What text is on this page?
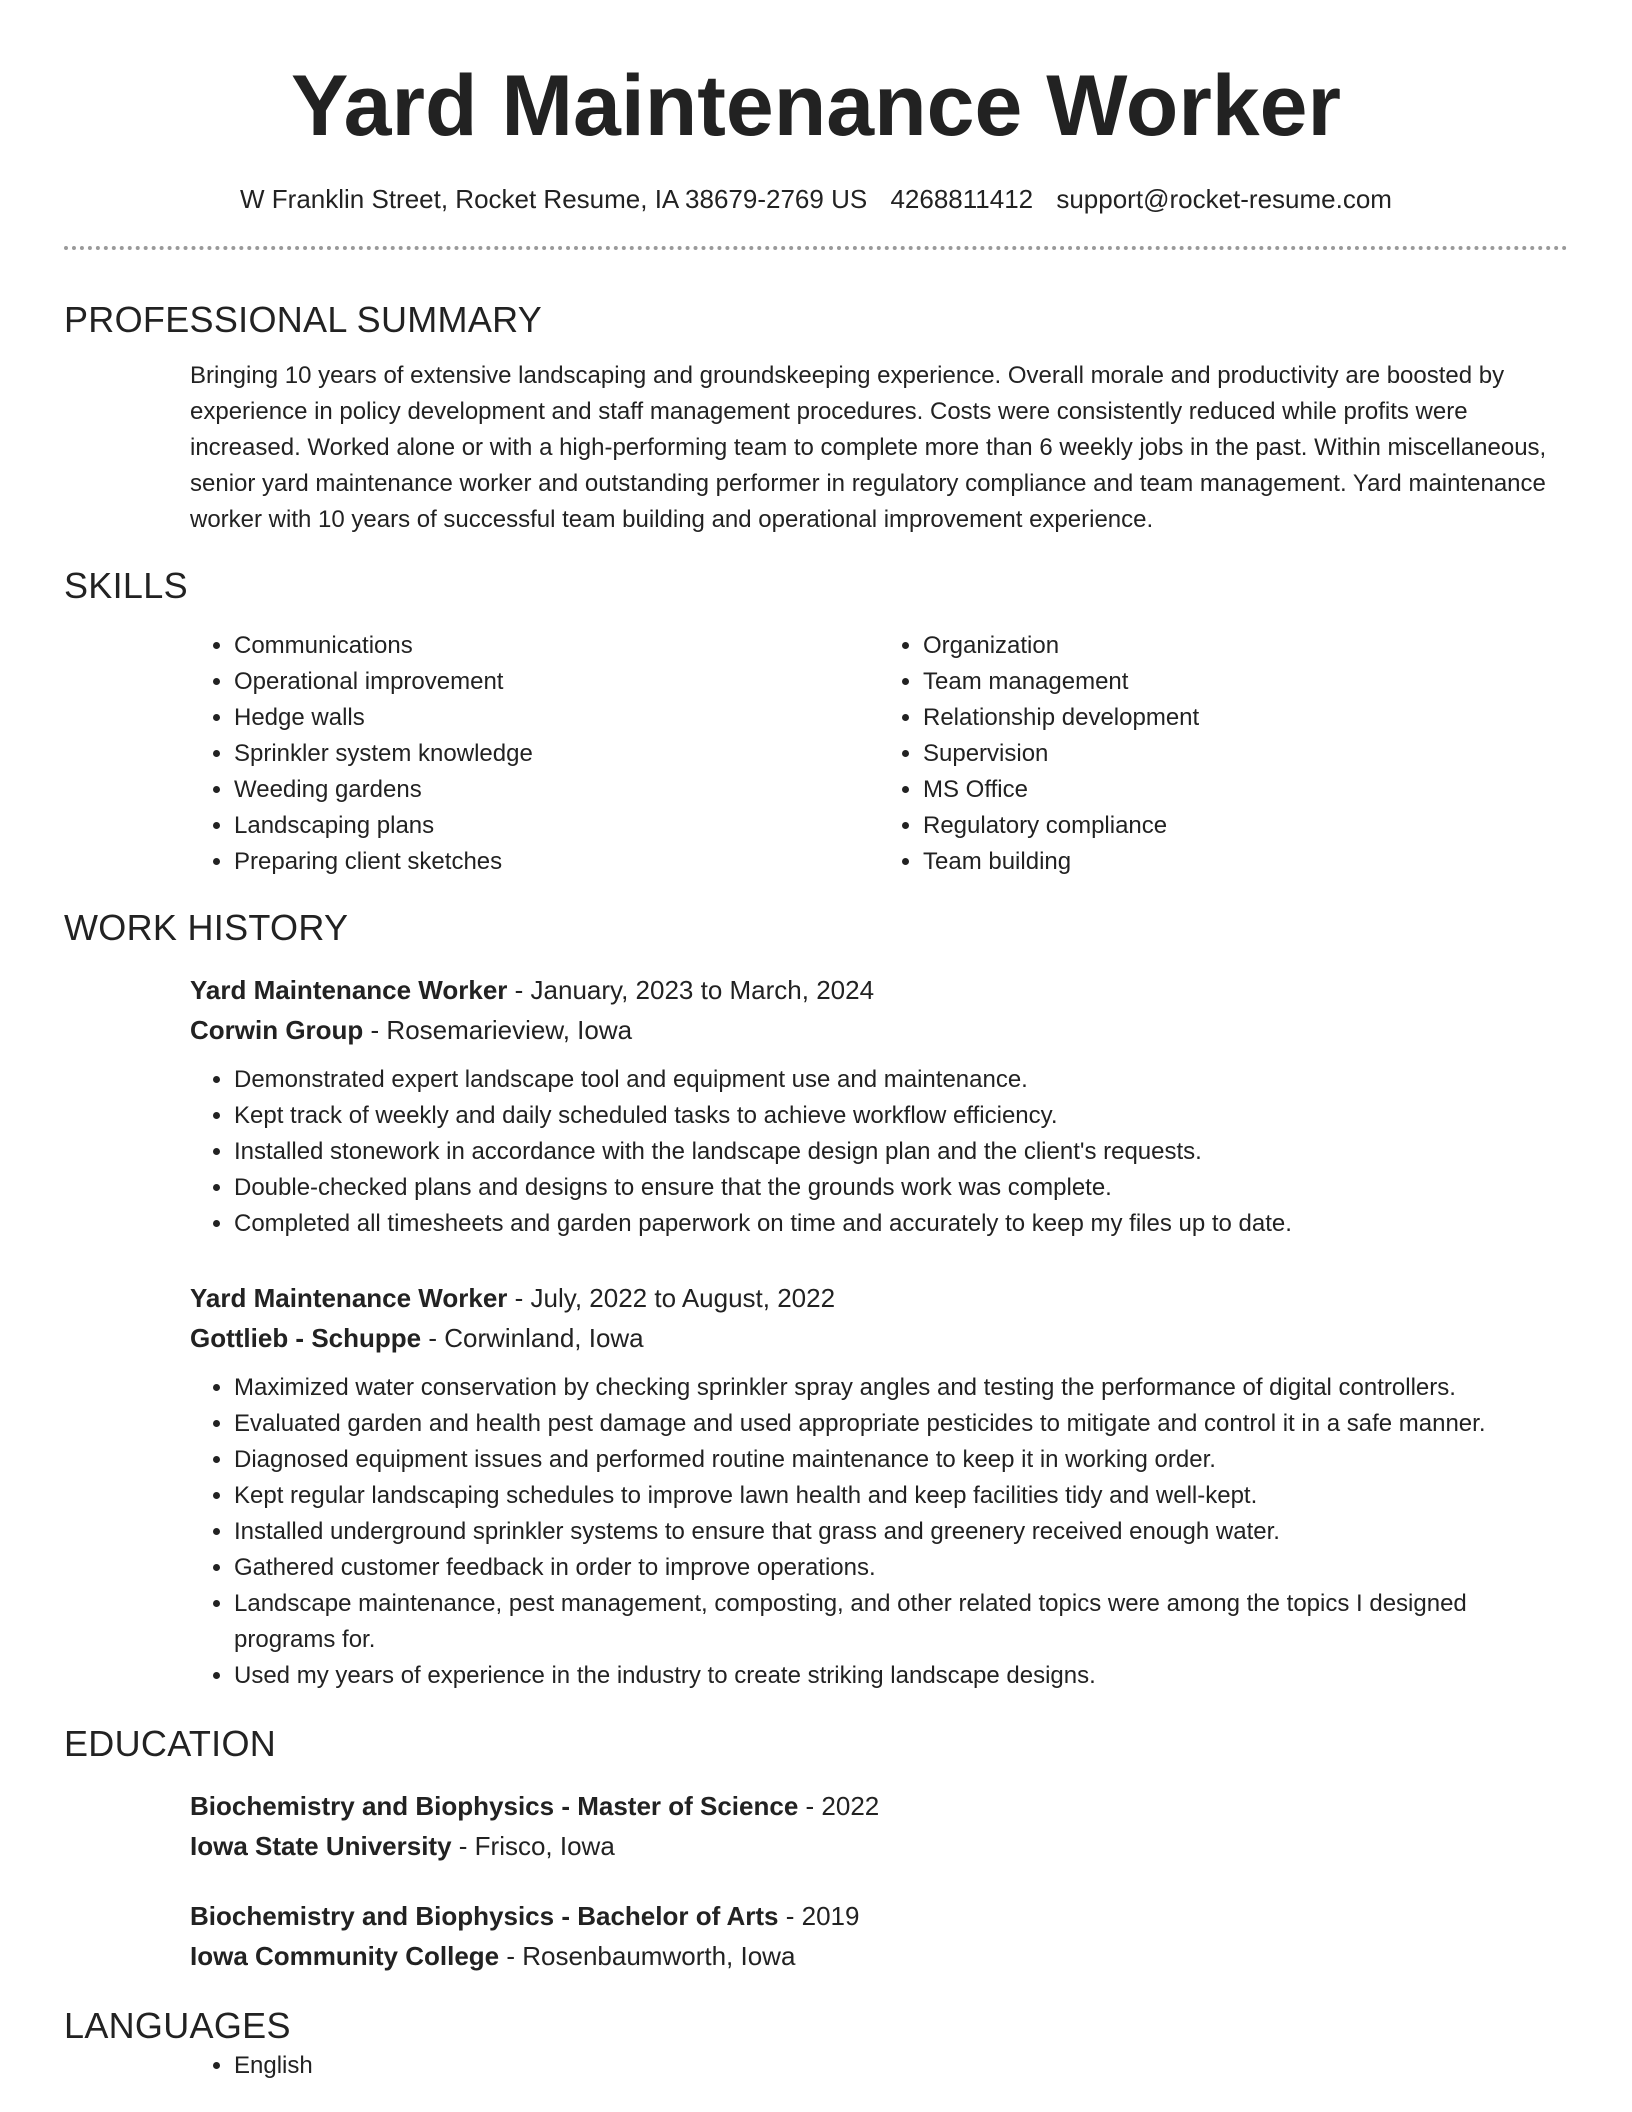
Yard Maintenance Worker
W Franklin Street, Rocket Resume, IA 38679-2769 US 4268811412 support@rocket-resume.com
PROFESSIONAL SUMMARY

Bringing 10 years of extensive landscaping and groundskeeping experience. Overall morale and productivity are boosted by experience in policy development and staff management procedures. Costs were consistently reduced while profits were increased. Worked alone or with a high-performing team to complete more than 6 weekly jobs in the past. Within miscellaneous, senior yard maintenance worker and outstanding performer in regulatory compliance and team management. Yard maintenance worker with 10 years of successful team building and operational improvement experience.

SKILLS
• Communications
• Operational improvement
• Hedge walls
• Sprinkler system knowledge
• Weeding gardens
• Landscaping plans
• Preparing client sketches
• Organization
• Team management
• Relationship development
• Supervision
• MS Office
• Regulatory compliance
• Team building
WORK HISTORY
Yard Maintenance Worker - January, 2023 to March, 2024
Corwin Group - Rosemarieview, Iowa
• Demonstrated expert landscape tool and equipment use and maintenance.
• Kept track of weekly and daily scheduled tasks to achieve workflow efficiency.
• Installed stonework in accordance with the landscape design plan and the client's requests.
• Double-checked plans and designs to ensure that the grounds work was complete.
• Completed all timesheets and garden paperwork on time and accurately to keep my files up to date.
Yard Maintenance Worker - July, 2022 to August, 2022
Gottlieb - Schuppe - Corwinland, Iowa
• Maximized water conservation by checking sprinkler spray angles and testing the performance of digital controllers.
• Evaluated garden and health pest damage and used appropriate pesticides to mitigate and control it in a safe manner.
• Diagnosed equipment issues and performed routine maintenance to keep it in working order.
• Kept regular landscaping schedules to improve lawn health and keep facilities tidy and well-kept.
• Installed underground sprinkler systems to ensure that grass and greenery received enough water.
• Gathered customer feedback in order to improve operations.
• Landscape maintenance, pest management, composting, and other related topics were among the topics I designed programs for.
• Used my years of experience in the industry to create striking landscape designs.
EDUCATION
Biochemistry and Biophysics - Master of Science - 2022
Iowa State University - Frisco, Iowa
Biochemistry and Biophysics - Bachelor of Arts - 2019
Iowa Community College - Rosenbaumworth, Iowa
LANGUAGES
• English
